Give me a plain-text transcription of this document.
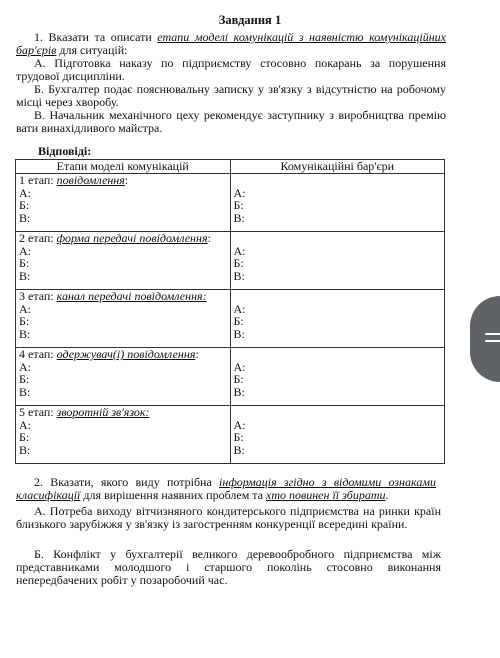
Завдання 1
1. Вказати та описати етапи моделі комунікацій з наявністю комунікаційних бар'єрів для ситуацій:
А. Підготовка наказу по підприємству стосовно покарань за порушення трудової дисципліни.
Б. Бухгалтер подає пояснювальну записку у зв'язку з відсутністю на робочому місці через хворобу.
В. Начальник механічного цеху рекомендує заступнику з виробництва премію вати винахідливого майстра.
Відповіді:
Етапи моделі комунікацій	Комунікаційні бар'єри

1 етап: повідомлення:
А:
Б:
В:	А:
Б:
В:

2 етап: форма передачі повідомлення:
А:
Б:
В:	А:
Б:
В:

3 етап: канал передачі повідомлення:
А:
Б:
В:	А:
Б:
В:

4 етап: одержувач(і) повідомлення:
А:
Б:
В:	А:
Б:
В:

5 етап: зворотній зв'язок:
А:
Б:
В:	А:
Б:
В:
2. Вказати, якого виду потрібна інформація згідно з відомими ознаками класифікації для вирішення наявних проблем та хто повинен її збирати.
А. Потреба виходу вітчизняного кондитерського підприємства на ринки країн близького зарубіжжя у зв'язку із загостренням конкуренції всередині країни.
Б. Конфлікт у бухгалтерії великого деревообробного підприємства між представниками молодшого і старшого поколінь стосовно виконання непередбачених робіт у позаробочий час.
